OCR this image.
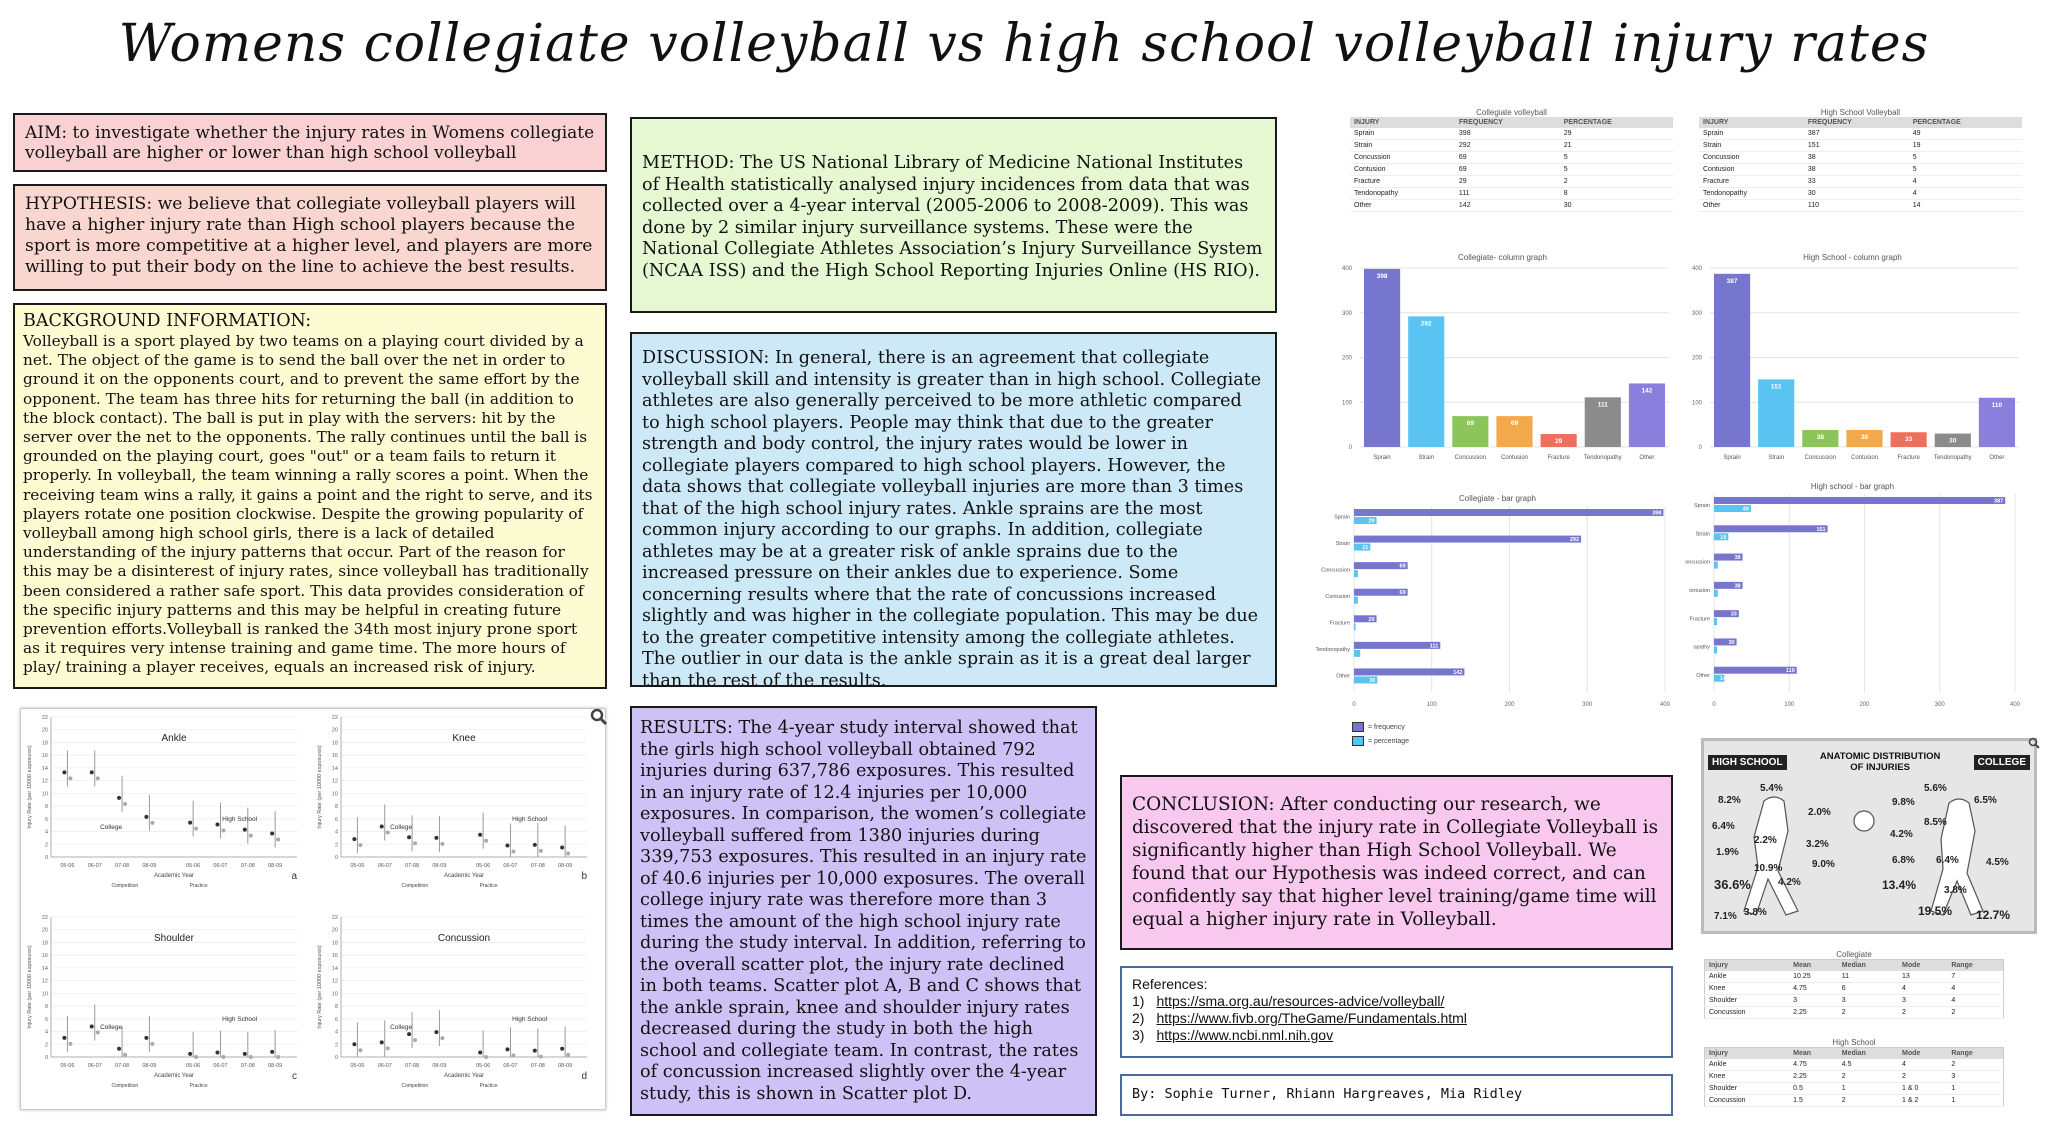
Womens collegiate volleyball vs high school volleyball injury rates
AIM: to investigate whether the injury rates in Womens collegiate volleyball are higher or lower than high school volleyball
HYPOTHESIS: we believe that collegiate volleyball players will have a higher injury rate than High school players because the sport is more competitive at a higher level, and players are more willing to put their body on the line to achieve the best results.
BACKGROUND INFORMATION:
Volleyball is a sport played by two teams on a playing court divided by a net. The object of the game is to send the ball over the net in order to ground it on the opponents court, and to prevent the same effort by the opponent. The team has three hits for returning the ball (in addition to the block contact). The ball is put in play with the servers: hit by the server over the net to the opponents. The rally continues until the ball is grounded on the playing court, goes "out" or a team fails to return it properly. In volleyball, the team winning a rally scores a point. When the receiving team wins a rally, it gains a point and the right to serve, and its players rotate one position clockwise. Despite the growing popularity of volleyball among high school girls, there is a lack of detailed understanding of the injury patterns that occur. Part of the reason for this may be a disinterest of injury rates, since volleyball has traditionally been considered a rather safe sport. This data provides consideration of the specific injury patterns and this may be helpful in creating future prevention efforts.Volleyball is ranked the 34th most injury prone sport as it requires very intense training and game time. The more hours of play/ training a player receives, equals an increased risk of injury.
0
2
4
6
8
10
12
14
16
18
20
22
Injury Rate (per 10000 exposures)
Ankle
05-06 06-07 07-08 08-09	05-06 06-07 07-08 08-09
College
High School
Academic Year
Competition	Practice
a
0
2
4
6
8
10
12
14
16
18
20
22
Injury Rate (per 10000 exposures)
Knee
05-06 06-07 07-08 08-09	05-06 06-07 07-08 08-09
College
High School
Academic Year
Competition	Practice
b
0
2
4
6
8
10
12
14
16
18
20
22
Injury Rate (per 10000 exposures)
Shoulder
05-06 06-07 07-08 08-09	05-06 06-07 07-08 08-09
College
High School
Academic Year
Competition	Practice
c
0
2
4
6
8
10
12
14
16
18
20
22
Injury Rate (per 10000 exposures)
Concussion
05-06 06-07 07-08 08-09	05-06 06-07 07-08 08-09
College
High School
Academic Year
Competition	Practice
d
METHOD: The US National Library of Medicine National Institutes of Health statistically analysed injury incidences from data that was collected over a 4-year interval (2005-2006 to 2008-2009). This was done by 2 similar injury surveillance systems. These were the National Collegiate Athletes Association’s Injury Surveillance System (NCAA ISS) and the High School Reporting Injuries Online (HS RIO).
DISCUSSION: In general, there is an agreement that collegiate volleyball skill and intensity is greater than in high school. Collegiate athletes are also generally perceived to be more athletic compared to high school players. People may think that due to the greater strength and body control, the injury rates would be lower in collegiate players compared to high school players. However, the data shows that collegiate volleyball injuries are more than 3 times that of the high school injury rates. Ankle sprains are the most common injury according to our graphs. In addition, collegiate athletes may be at a greater risk of ankle sprains due to the increased pressure on their ankles due to experience. Some concerning results where that the rate of concussions increased slightly and was higher in the collegiate population. This may be due to the greater competitive intensity among the collegiate athletes. The outlier in our data is the ankle sprain as it is a great deal larger than the rest of the results.
RESULTS: The 4-year study interval showed that the girls high school volleyball obtained 792 injuries during 637,786 exposures. This resulted in an injury rate of 12.4 injuries per 10,000 exposures. In comparison, the women’s collegiate volleyball suffered from 1380 injuries during 339,753 exposures. This resulted in an injury rate of 40.6 injuries per 10,000 exposures. The overall college injury rate was therefore more than 3 times the amount of the high school injury rate during the study interval. In addition, referring to the overall scatter plot, the injury rate declined in both teams. Scatter plot A, B and C shows that the ankle sprain, knee and shoulder injury rates decreased during the study in both the high school and collegiate team. In contrast, the rates of concussion increased slightly over the 4-year study, this is shown in Scatter plot D.
CONCLUSION: After conducting our research, we discovered that the injury rate in Collegiate Volleyball is significantly higher than High School Volleyball. We found that our Hypothesis was indeed correct, and can confidently say that higher level training/game time will equal a higher injury rate in Volleyball.
References:
1) https://sma.org.au/resources-advice/volleyball/
2) https://www.fivb.org/TheGame/Fundamentals.html
3) https://www.ncbi.nml.nih.gov
By: Sophie Turner, Rhiann Hargreaves, Mia Ridley
Collegiate volleyball
INJURY	FREQUENCY	PERCENTAGE
Sprain	398	29
Strain	292	21
Concussion	69	5
Contusion	69	5
Fracture	29	2
Tendonopathy	111	8
Other	142	30
High School Volleyball
INJURY	FREQUENCY	PERCENTAGE
Sprain	387	49
Strain	151	19
Concussion	38	5
Contusion	38	5
Fracture	33	4
Tendonopathy	30	4
Other	110	14
Collegiate- column graph
0
100
200
300
400
398
Sprain
292
Strain
69
Concussion
69
Contusion
29
Fracture
111
Tendonopathy
142
Other
High School - column graph
0
100
200
300
400
387
Sprain
151
Strain
38
Concussion
38
Contusion
33
Fracture
30
Tendonopathy
110
Other
Collegiate - bar graph
0	100	200	300	400
Sprain
398
29
Strain
292
21
Concussion
69
5
Contusion
69
5
Fracture
29
2
Tendonopathy
111
8
Other
142
30
High school - bar graph
0	100	200	300	400
Sprain
387
49
Strain
151
19
oncussion
38
5
ontusion
38
5
Fracture
33
4
opathy
30
4
Other
110
14
= frequency
= percentage
HIGH SCHOOL	ANATOMIC DISTRIBUTION OF INJURIES	COLLEGE
8.2%
5.4%
6.4%
2.0%
1.9%
2.2%	3.2%
10.9%	9.0%
4.2%
36.6%
7.1% 3.8%
9.8%
5.6%
6.5%
4.2%
8.5%
6.8% 6.4%	4.5%
13.4%
19.5% 12.7%
3.8%
Collegiate
Injury	Mean	Median	Mode	Range
Ankle	10.25	11	13	7
Knee	4.75	6	4	4
Shoulder	3	3	3	4
Concussion	2.25	2	2	2
High School
Injury	Mean	Median	Mode	Range
Ankle	4.75	4.5	4	2
Knee	2.25	2	2	3
Shoulder	0.5	1	1 & 0	1
Concussion	1.5	2	1 & 2	1
